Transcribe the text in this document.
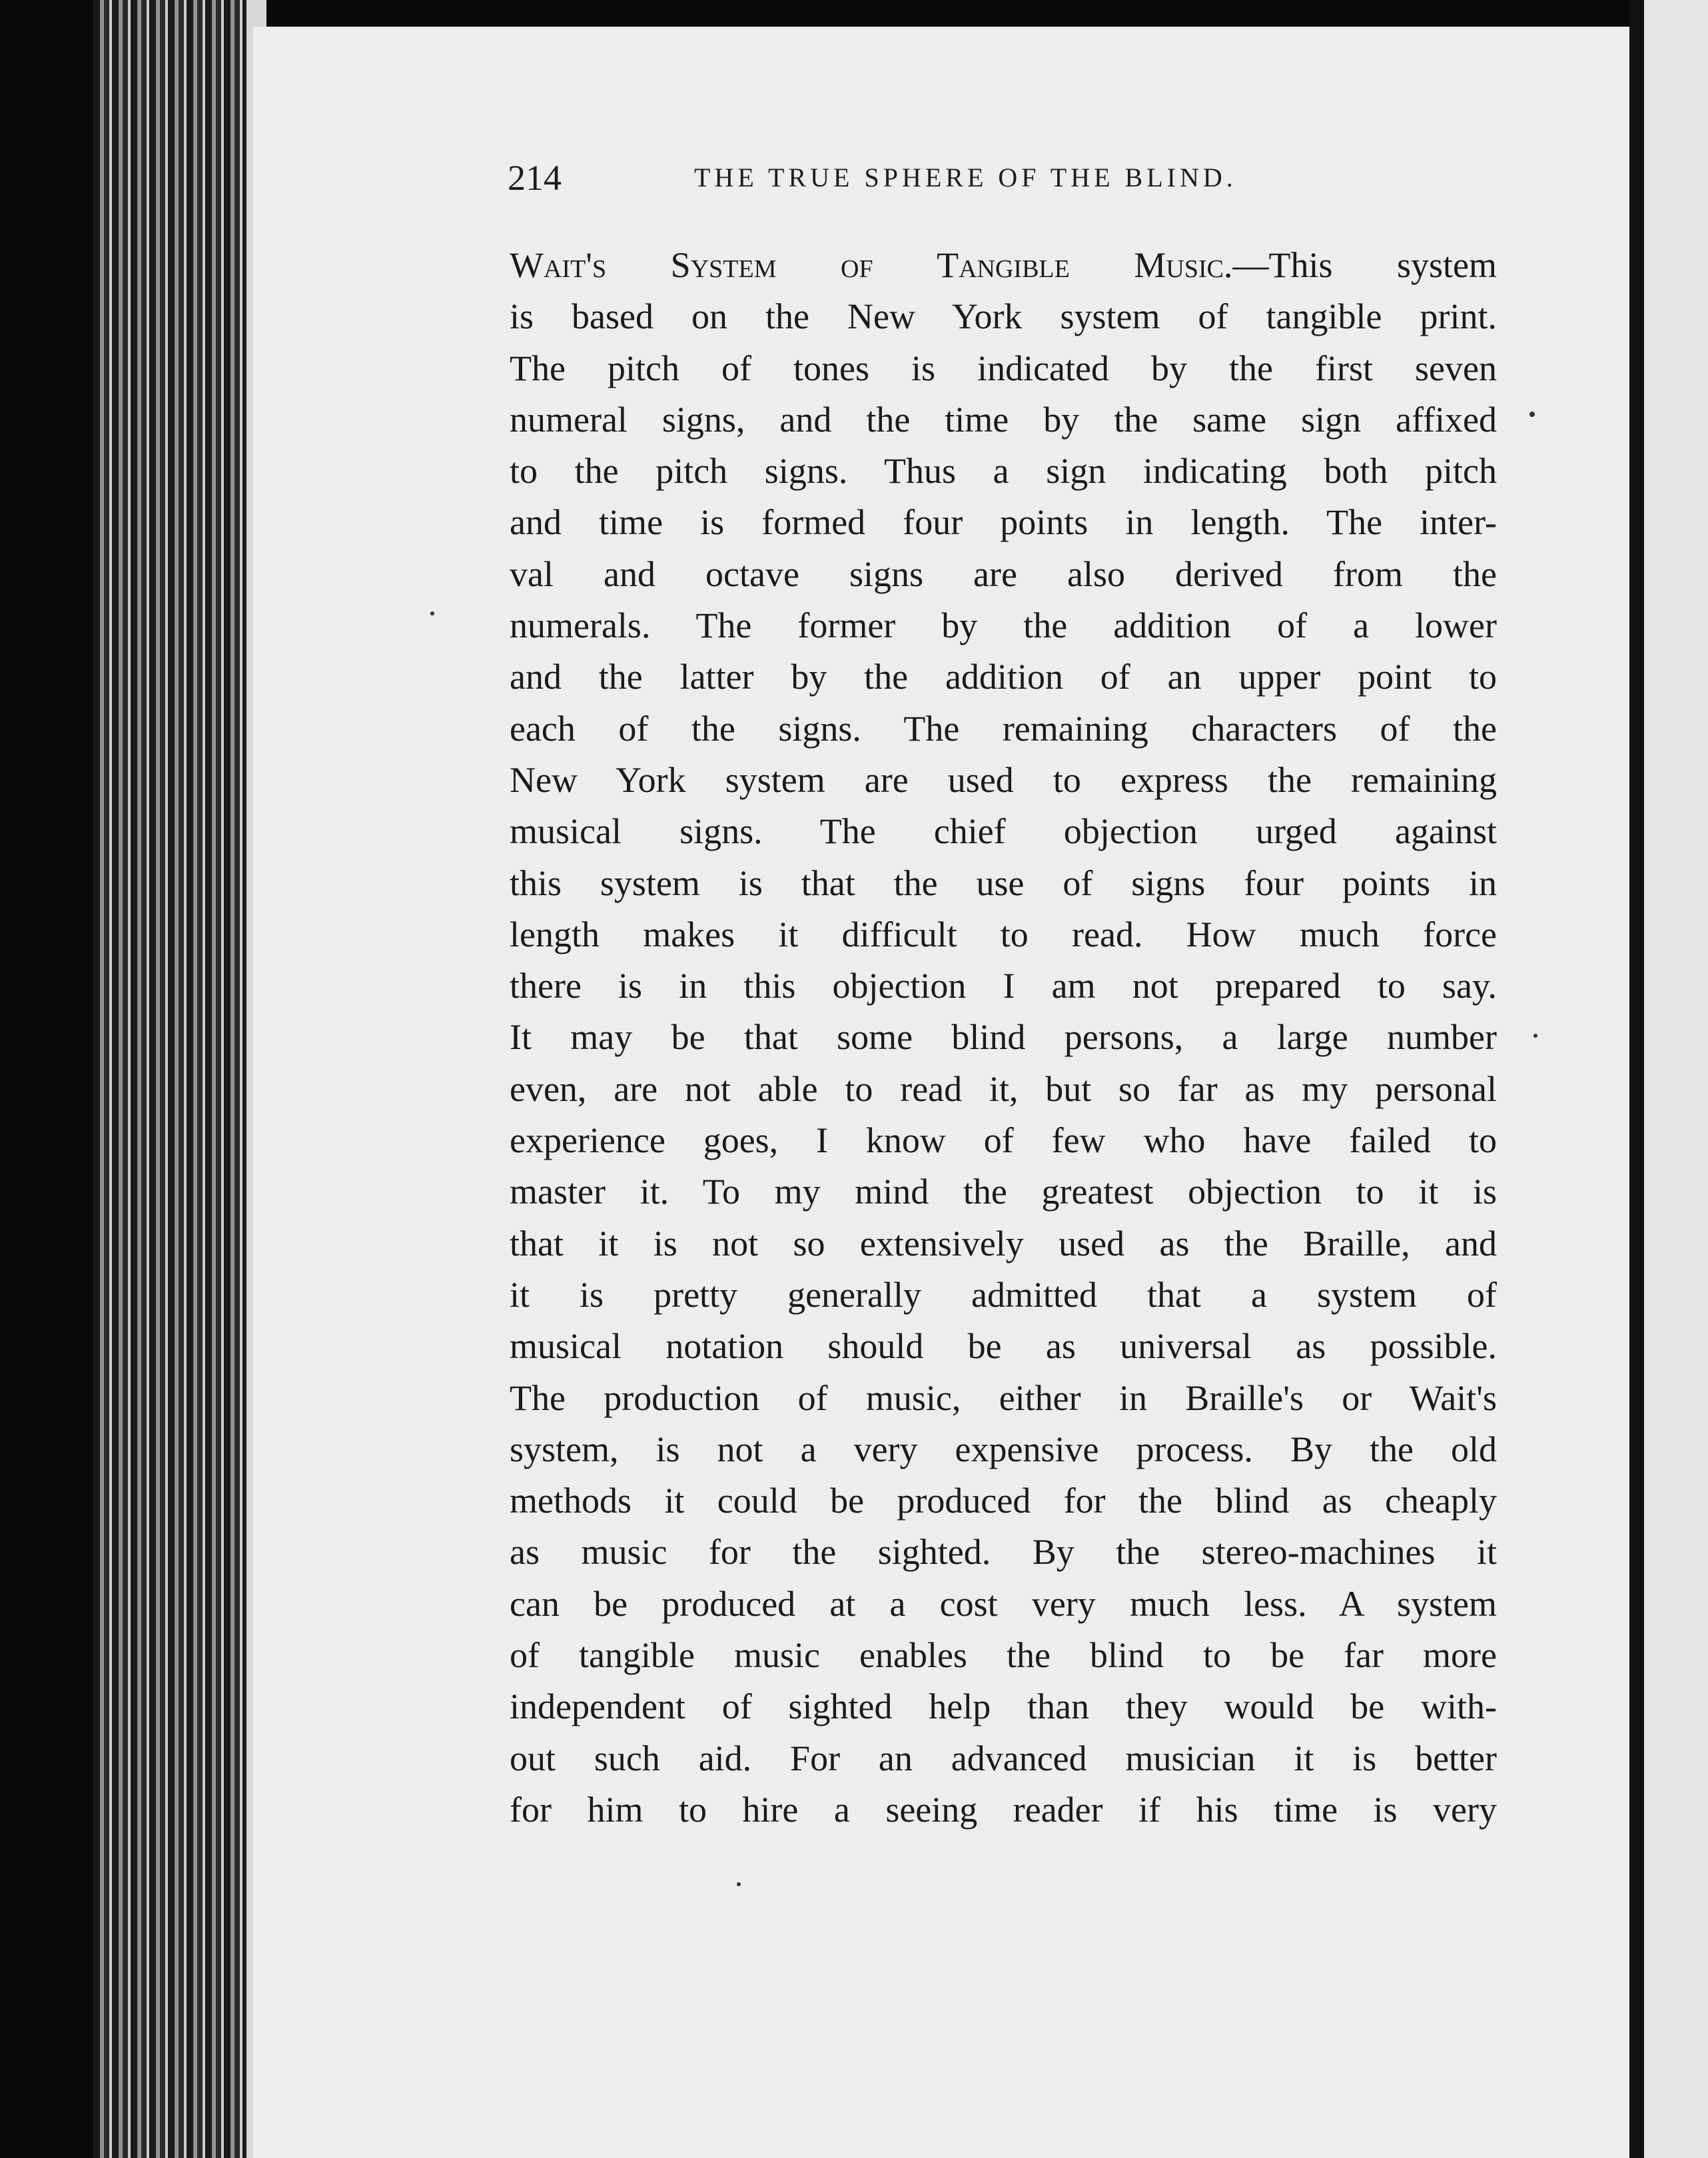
214	THE TRUE SPHERE OF THE BLIND.
Wait's System of Tangible Music.—This system
is based on the New York system of tangible print.
The pitch of tones is indicated by the first seven
numeral signs, and the time by the same sign affixed
to the pitch signs. Thus a sign indicating both pitch
and time is formed four points in length. The inter-
val and octave signs are also derived from the
numerals. The former by the addition of a lower
and the latter by the addition of an upper point to
each of the signs. The remaining characters of the
New York system are used to express the remaining
musical signs. The chief objection urged against
this system is that the use of signs four points in
length makes it difficult to read. How much force
there is in this objection I am not prepared to say.
It may be that some blind persons, a large number
even, are not able to read it, but so far as my personal
experience goes, I know of few who have failed to
master it. To my mind the greatest objection to it is
that it is not so extensively used as the Braille, and
it is pretty generally admitted that a system of
musical notation should be as universal as possible.
The production of music, either in Braille's or Wait's
system, is not a very expensive process. By the old
methods it could be produced for the blind as cheaply
as music for the sighted. By the stereo-machines it
can be produced at a cost very much less. A system
of tangible music enables the blind to be far more
independent of sighted help than they would be with-
out such aid. For an advanced musician it is better
for him to hire a seeing reader if his time is very
